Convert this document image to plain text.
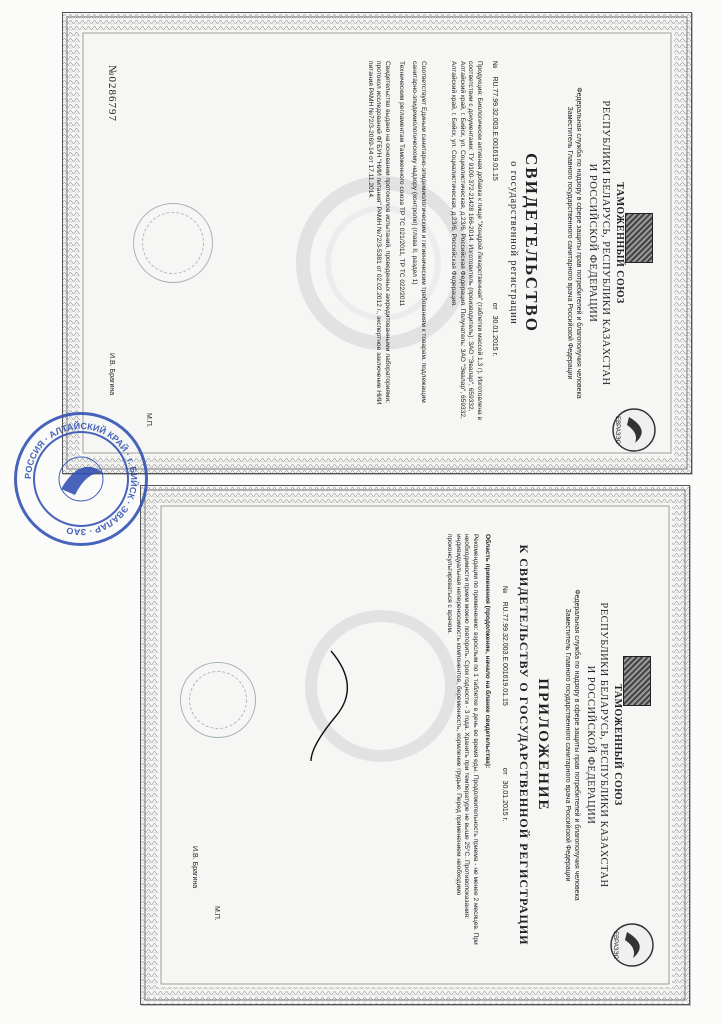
ЕВРАЗЭС
ТАМОЖЕННЫЙ СОЮЗ
РЕСПУБЛИКИ БЕЛАРУСЬ, РЕСПУБЛИКИ КАЗАХСТАН
И РОССИЙСКОЙ ФЕДЕРАЦИИ
Федеральная служба по надзору в сфере защиты прав потребителей и благополучия человека
Заместитель Главного государственного санитарного врача Российской Федерации
СВИДЕТЕЛЬСТВО
о государственной регистрации
№ RU.77.99.32.003.Е.001619.01.15 от 30.01.2015 г.
Продукция: Биологически активная добавка к пище "Хондрой Лекарственная" (таблетки массой 1,3 г). Изготовлена в соответствии с документами: ТУ 9100-372-21428 166-2014. Изготовитель (производитель): ЗАО "Эвалар", 659332, Алтайский край, г. Бийск, ул. Социалистическая, д.23/6, Российская Федерация. Получатель: ЗАО "Эвалар", 659332, Алтайский край, г. Бийск, ул. Социалистическая, д.23/6, Российская Федерация.
Соответствует Единым санитарно-эпидемиологическим и гигиеническим требованиям к товарам, подлежащим санитарно-эпидемиологическому надзору (контролю) (глава II, раздел 1)
Техническим регламентам Таможенного союза ТР ТС 021/2011, ТР ТС 022/2011
Свидетельство выдано на основании протоколов испытаний, проведенных аккредитованными лабораториями; протокол исследований ФГБУН "НИИ питания" РАМН №72/3-5381 от 02.02.2012 г., экспертное заключение НИИ питания РАМН №72/3-2069-14 от 17.11.2014.
И.В. Брагина
М.П.
№0286797
ЕВРАЗЭС
ТАМОЖЕННЫЙ СОЮЗ
РЕСПУБЛИКИ БЕЛАРУСЬ, РЕСПУБЛИКИ КАЗАХСТАН
И РОССИЙСКОЙ ФЕДЕРАЦИИ
Федеральная служба по надзору в сфере защиты прав потребителей и благополучия человека
Заместитель Главного государственного санитарного врача Российской Федерации
ПРИЛОЖЕНИЕ
К СВИДЕТЕЛЬСТВУ О ГОСУДАРСТВЕННОЙ РЕГИСТРАЦИИ
№ RU.77.99.32.003.Е.001619.01.15 от 30.01.2015 г.
Область применения (продолжение, начало на бланке свидетельства):
Рекомендации по применению: взрослым по 1 таблетке в день во время еды. Продолжительность приема - не менее 2 месяцев. При необходимости прием можно повторить. Срок годности - 3 года. Хранить при температуре не выше 25°С. Противопоказания: индивидуальная непереносимость компонентов, беременность, кормление грудью. Перед применением необходимо проконсультироваться с врачом.
И.В. Брагина
М.П.
РОССИЯ · АЛТАЙСКИЙ КРАЙ · г. БИЙСК · ЭВАЛАР · ЗАО
